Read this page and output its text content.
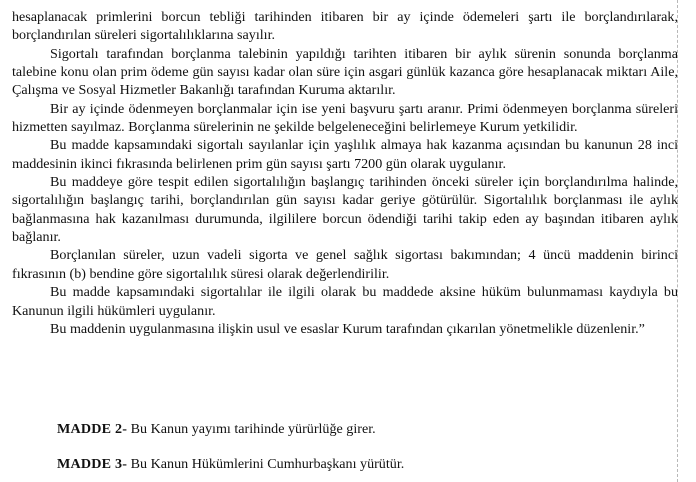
hesaplanacak primlerini borcun tebliği tarihinden itibaren bir ay içinde ödemeleri şartı ile borçlandırılarak, borçlandırılan süreleri sigortalılıklarına sayılır.

Sigortalı tarafından borçlanma talebinin yapıldığı tarihten itibaren bir aylık sürenin sonunda borçlanma talebine konu olan prim ödeme gün sayısı kadar olan süre için asgari günlük kazanca göre hesaplanacak miktarı Aile, Çalışma ve Sosyal Hizmetler Bakanlığı tarafından Kuruma aktarılır.

Bir ay içinde ödenmeyen borçlanmalar için ise yeni başvuru şartı aranır. Primi ödenmeyen borçlanma süreleri hizmetten sayılmaz. Borçlanma sürelerinin ne şekilde belgeleneceğini belirlemeye Kurum yetkilidir.

Bu madde kapsamındaki sigortalı sayılanlar için yaşlılık almaya hak kazanma açısından bu kanunun 28 inci maddesinin ikinci fıkrasında belirlenen prim gün sayısı şartı 7200 gün olarak uygulanır.

Bu maddeye göre tespit edilen sigortalılığın başlangıç tarihinden önceki süreler için borçlandırılma halinde, sigortalılığın başlangıç tarihi, borçlandırılan gün sayısı kadar geriye götürülür. Sigortalılık borçlanması ile aylık bağlanmasına hak kazanılması durumunda, ilgililere borcun ödendiği tarihi takip eden ay başından itibaren aylık bağlanır.

Borçlanılan süreler, uzun vadeli sigorta ve genel sağlık sigortası bakımından; 4 üncü maddenin birinci fıkrasının (b) bendine göre sigortalılık süresi olarak değerlendirilir.

Bu madde kapsamındaki sigortalılar ile ilgili olarak bu maddede aksine hüküm bulunmaması kaydıyla bu Kanunun ilgili hükümleri uygulanır.

Bu maddenin uygulanmasına ilişkin usul ve esaslar Kurum tarafından çıkarılan yönetmelikle düzenlenir.”

MADDE 2- Bu Kanun yayımı tarihinde yürürlüğe girer.

MADDE 3- Bu Kanun Hükümlerini Cumhurbaşkanı yürütür.
